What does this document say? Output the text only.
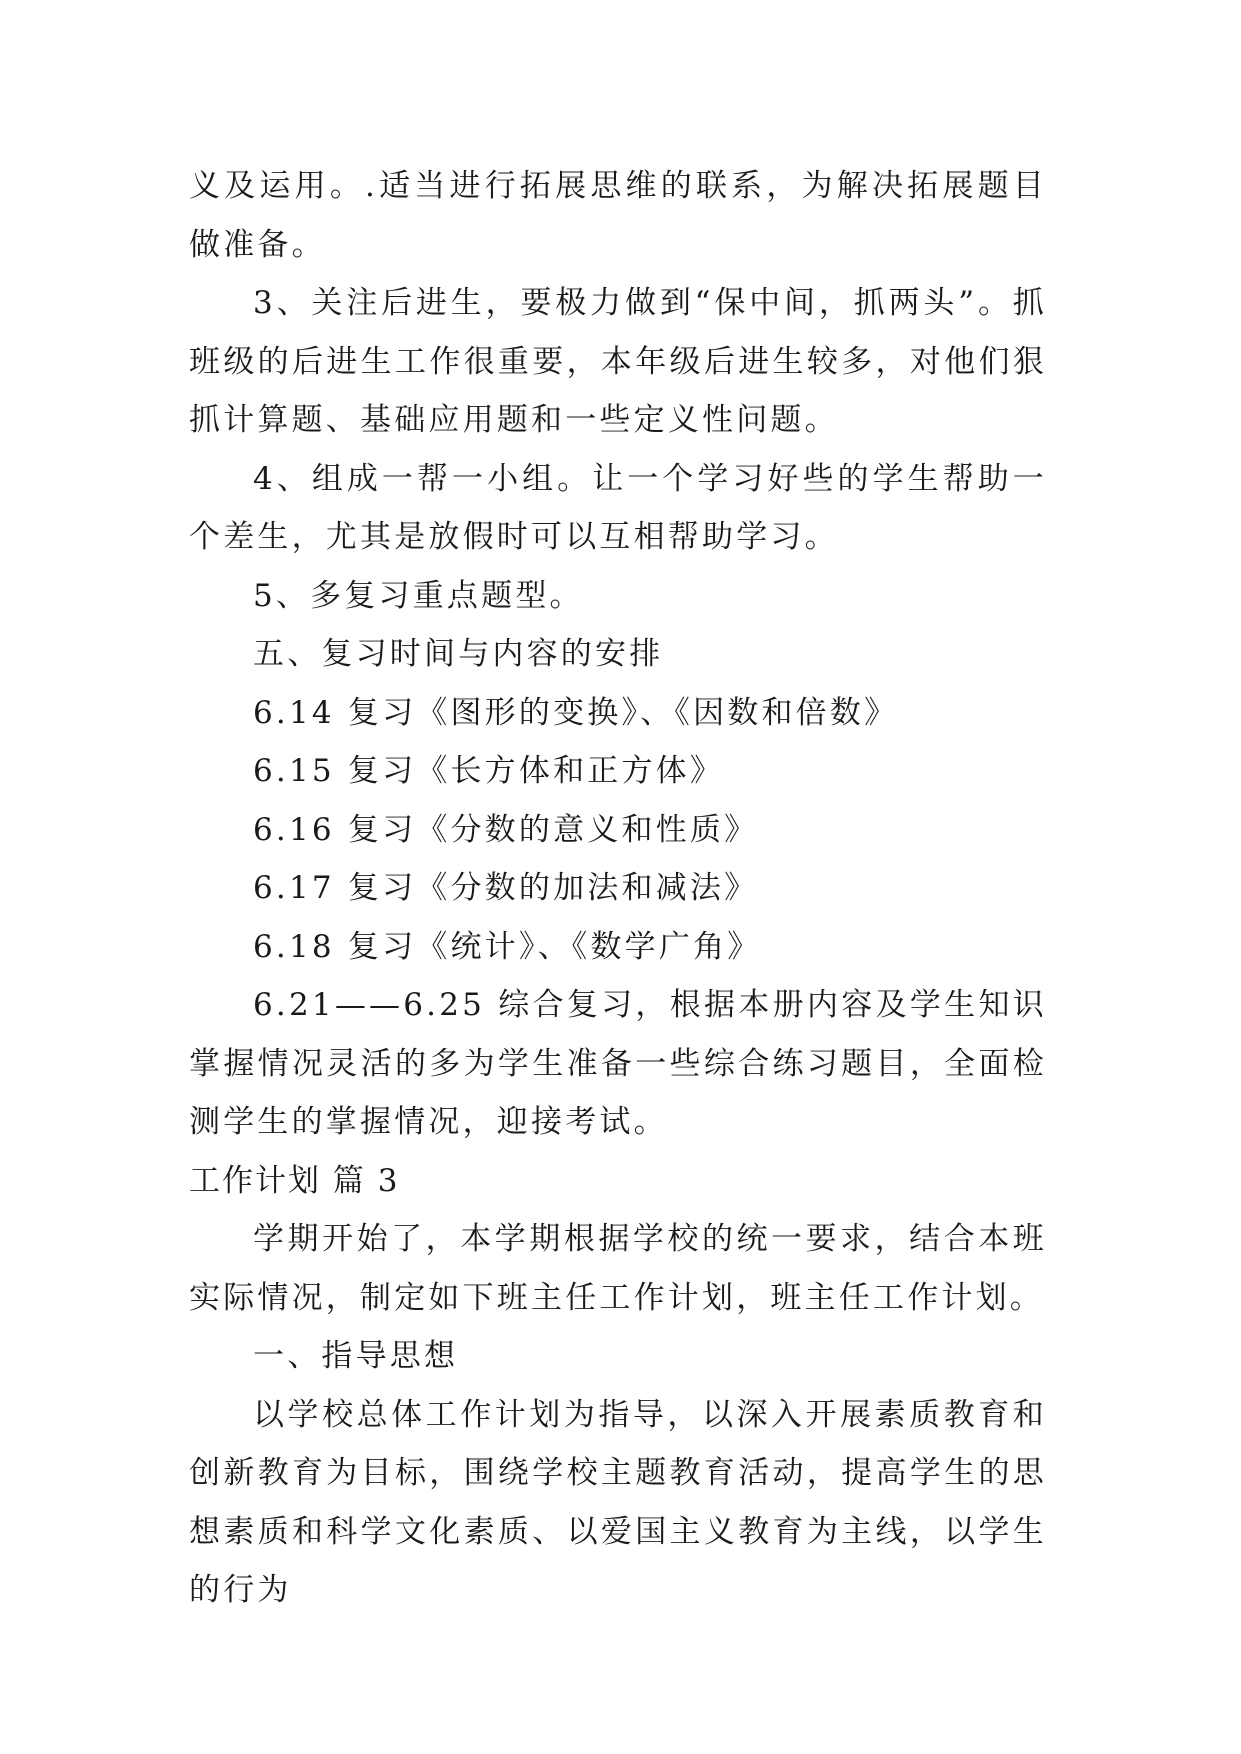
义及运用。.适当进行拓展思维的联系，为解决拓展题目做准备。

3、关注后进生，要极力做到“保中间，抓两头”。抓班级的后进生工作很重要，本年级后进生较多，对他们狠抓计算题、基础应用题和一些定义性问题。

4、组成一帮一小组。让一个学习好些的学生帮助一个差生，尤其是放假时可以互相帮助学习。

5、多复习重点题型。

五、复习时间与内容的安排

6.14 复习《图形的变换》、《因数和倍数》

6.15 复习《长方体和正方体》

6.16 复习《分数的意义和性质》

6.17 复习《分数的加法和减法》

6.18 复习《统计》、《数学广角》

6.21——6.25 综合复习，根据本册内容及学生知识掌握情况灵活的多为学生准备一些综合练习题目，全面检测学生的掌握情况，迎接考试。

工作计划 篇 3

学期开始了，本学期根据学校的统一要求，结合本班实际情况，制定如下班主任工作计划，班主任工作计划。

一、指导思想

以学校总体工作计划为指导，以深入开展素质教育和创新教育为目标，围绕学校主题教育活动，提高学生的思想素质和科学文化素质、以爱国主义教育为主线，以学生的行为
